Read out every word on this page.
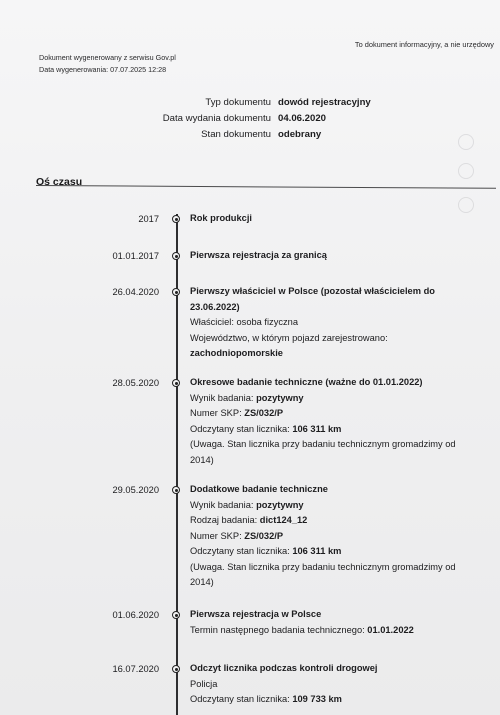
Dokument wygenerowany z serwisu Gov.pl
Data wygenerowania: 07.07.2025 12:28
To dokument informacyjny, a nie urzędowy
Typ dokumentu dowód rejestracyjny
Data wydania dokumentu 04.06.2020
Stan dokumentu odebrany
Oś czasu
2017	Rok produkcji
01.01.2017	Pierwsza rejestracja za granicą
26.04.2020	Pierwszy właściciel w Polsce (pozostał właścicielem do 23.06.2022)
Właściciel: osoba fizyczna
Województwo, w którym pojazd zarejestrowano:
zachodniopomorskie
28.05.2020	Okresowe badanie techniczne (ważne do 01.01.2022)
Wynik badania: pozytywny
Numer SKP: ZS/032/P
Odczytany stan licznika: 106 311 km
(Uwaga. Stan licznika przy badaniu technicznym gromadzimy od 2014)
29.05.2020	Dodatkowe badanie techniczne
Wynik badania: pozytywny
Rodzaj badania: dict124_12
Numer SKP: ZS/032/P
Odczytany stan licznika: 106 311 km
(Uwaga. Stan licznika przy badaniu technicznym gromadzimy od 2014)
01.06.2020	Pierwsza rejestracja w Polsce
Termin następnego badania technicznego: 01.01.2022
16.07.2020	Odczyt licznika podczas kontroli drogowej
Policja
Odczytany stan licznika: 109 733 km
